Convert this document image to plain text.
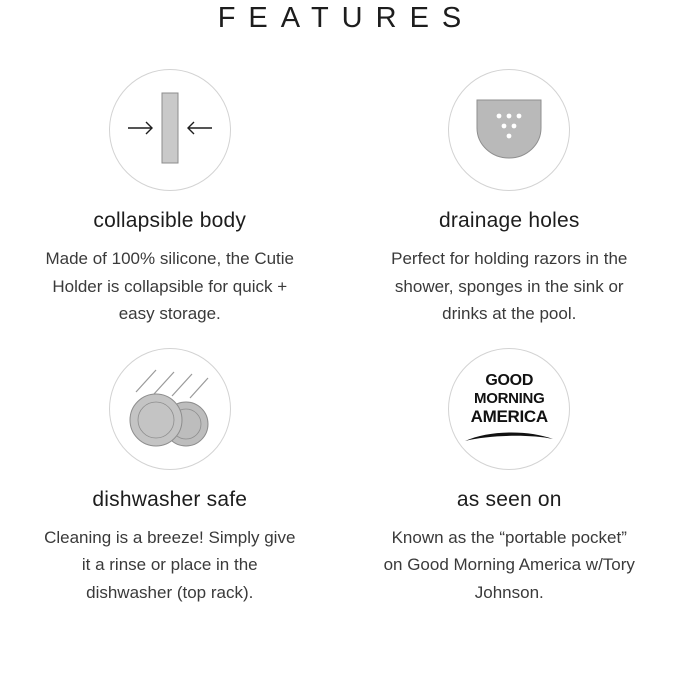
FEATURES
collapsible body
Made of 100% silicone, the Cutie Holder is collapsible for quick + easy storage.
drainage holes
Perfect for holding razors in the shower, sponges in the sink or drinks at the pool.
dishwasher safe
Cleaning is a breeze! Simply give it a rinse or place in the dishwasher (top rack).
GOOD
MORNING
AMERICA
as seen on
Known as the “portable pocket” on Good Morning America w/Tory Johnson.
